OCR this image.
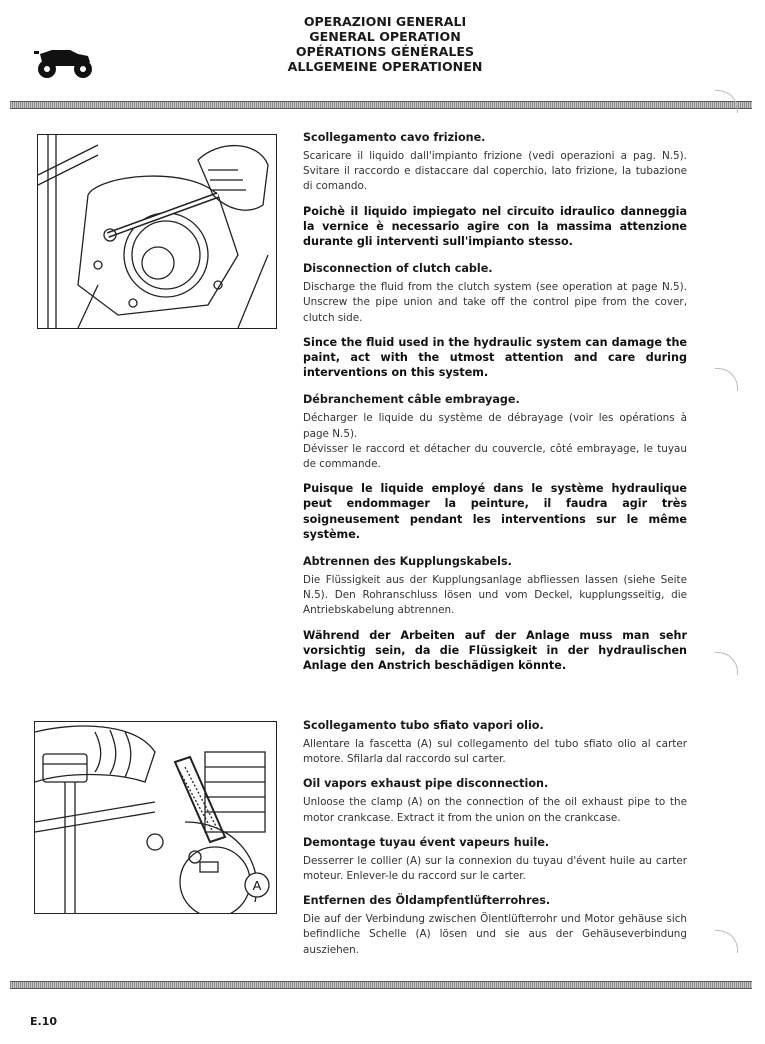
OPERAZIONI GENERALI
GENERAL OPERATION
OPÉRATIONS GÉNÉRALES
ALLGEMEINE OPERATIONEN
Scollegamento cavo frizione.

Scaricare il liquido dall'impianto frizione (vedi operazioni a pag. N.5). Svitare il raccordo e distaccare dal coperchio, lato frizione, la tubazione di comando.

Poichè il liquido impiegato nel circuito idraulico danneggia la vernice è necessario agire con la massima attenzione durante gli interventi sull'impianto stesso.

Disconnection of clutch cable.

Discharge the fluid from the clutch system (see operation at page N.5). Unscrew the pipe union and take off the control pipe from the cover, clutch side.

Since the fluid used in the hydraulic system can damage the paint, act with the utmost attention and care during interventions on this system.

Débranchement câble embrayage.

Décharger le liquide du système de débrayage (voir les opérations à page N.5).

Dévisser le raccord et détacher du couvercle, côté embrayage, le tuyau de commande.

Puisque le liquide employé dans le système hydraulique peut endommager la peinture, il faudra agir très soigneusement pendant les interventions sur le même système.

Abtrennen des Kupplungskabels.

Die Flüssigkeit aus der Kupplungsanlage abfliessen lassen (siehe Seite N.5). Den Rohranschluss lösen und vom Deckel, kupplungsseitig, die Antriebskabelung abtrennen.

Während der Arbeiten auf der Anlage muss man sehr vorsichtig sein, da die Flüssigkeit in der hydraulischen Anlage den Anstrich beschädigen könnte.

A
Scollegamento tubo sfiato vapori olio.

Allentare la fascetta (A) sul collegamento del tubo sfiato olio al carter motore. Sfilarla dal raccordo sul carter.

Oil vapors exhaust pipe disconnection.

Unloose the clamp (A) on the connection of the oil exhaust pipe to the motor crankcase. Extract it from the union on the crankcase.

Demontage tuyau évent vapeurs huile.

Desserrer le collier (A) sur la connexion du tuyau d'évent huile au carter moteur. Enlever-le du raccord sur le carter.

Entfernen des Öldampfentlüfterrohres.

Die auf der Verbindung zwischen Ölentlüfterrohr und Motor gehäuse sich befindliche Schelle (A) lösen und sie aus der Gehäuseverbindung ausziehen.

E.10
